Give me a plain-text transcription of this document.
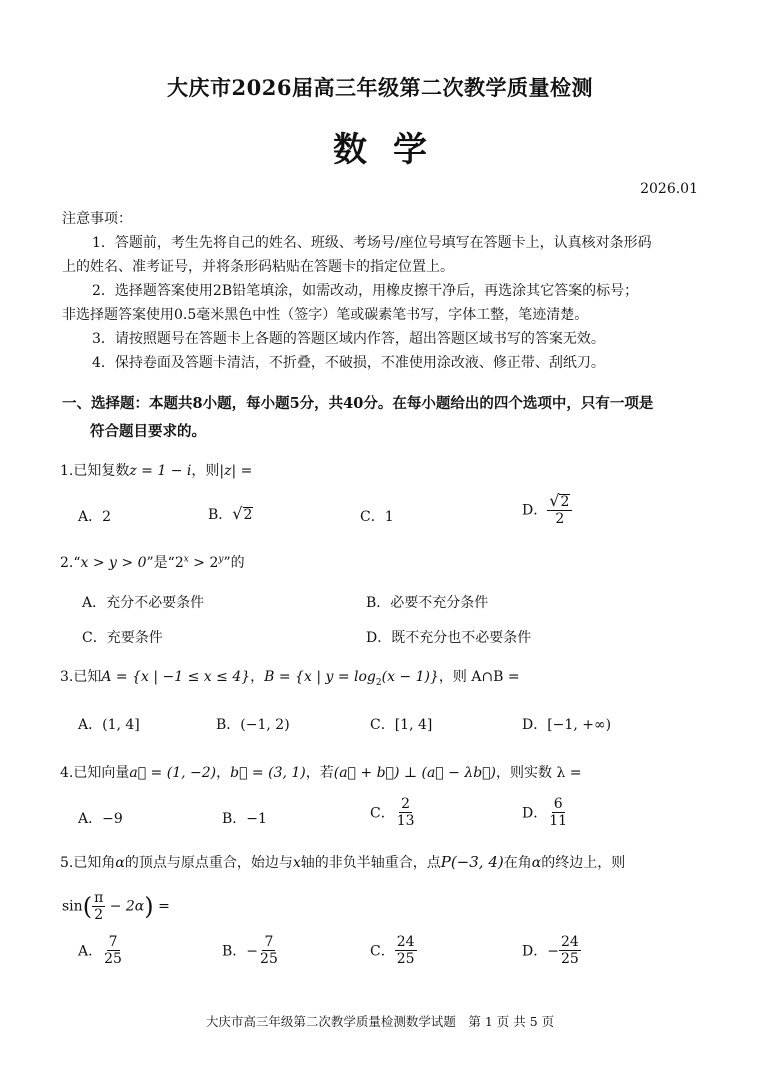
大庆市2026届高三年级第二次教学质量检测
数学
2026.01
注意事项：
1．答题前，考生先将自己的姓名、班级、考场号/座位号填写在答题卡上，认真核对条形码
上的姓名、准考证号，并将条形码粘贴在答题卡的指定位置上。
2．选择题答案使用2B铅笔填涂，如需改动，用橡皮擦干净后，再选涂其它答案的标号；
非选择题答案使用0.5毫米黑色中性（签字）笔或碳素笔书写，字体工整，笔迹清楚。
3．请按照题号在答题卡上各题的答题区域内作答，超出答题区域书写的答案无效。
4．保持卷面及答题卡清洁，不折叠，不破损，不准使用涂改液、修正带、刮纸刀。
一、选择题：本题共8小题，每小题5分，共40分。在每小题给出的四个选项中，只有一项是
符合题目要求的。
1.已知复数z = 1 − i，则|z| =
A．2	B． √ 2	C．1	D． $\frac{√ 2}{2}$
2.“x > y > 0”是“$2^x > 2^y$”的
A．充分不必要条件	B．必要不充分条件
C．充要条件	D．既不充分也不必要条件
3.已知A = {x | −1 ≤ x ≤ 4}，B = {x | $y = \log_2(x - 1)$}，则 A∩B =
A．(1, 4]	B．(−1, 2)	C．[1, 4]	D．[−1, +∞)
4.已知向量a⃗ = (1, −2)，b⃗ = (3, 1)，若(a⃗ + b⃗) ⊥ (a⃗ − λb⃗)，则实数 λ =
A．−9	B．−1	C． $\frac{2}{13}$	D． $\frac{6}{11}$
5.已知角α的顶点与原点重合，始边与x轴的非负半轴重合，点P(−3, 4)在角α的终边上，则
$\sin( \frac{\pi}{2} - 2\alpha)$ =
A． $\frac{7}{25}$	B．− $\frac{7}{25}$	C． $\frac{24}{25}$	D．− $\frac{24}{25}$
大庆市高三年级第二次教学质量检测数学试题　第 1 页 共 5 页
